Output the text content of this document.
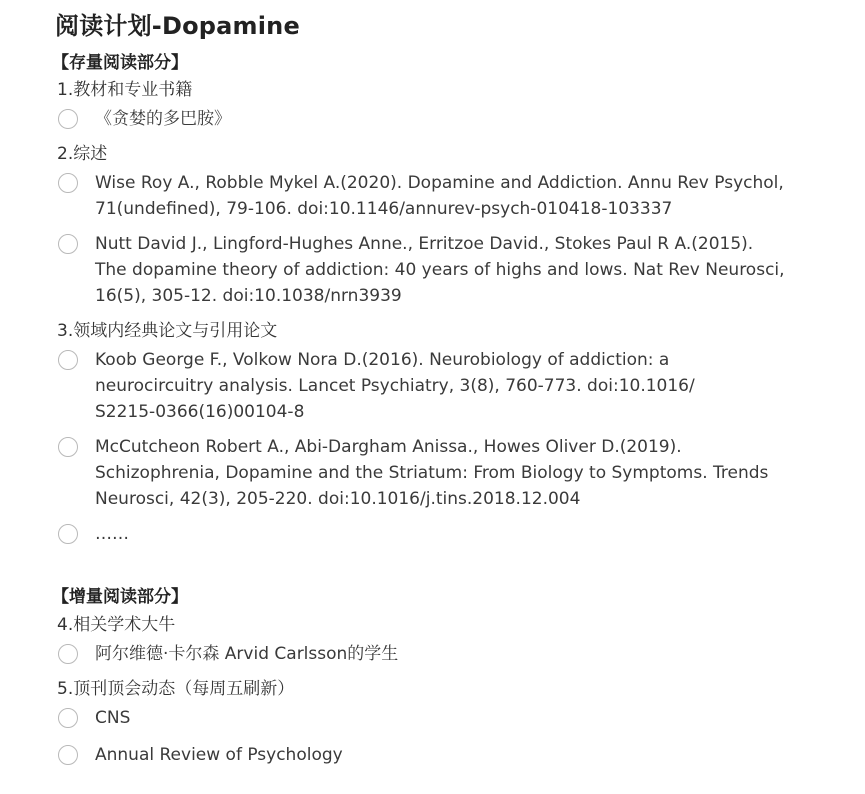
阅读计划-Dopamine
【存量阅读部分】
1.教材和专业书籍
《贪婪的多巴胺》
2.综述
Wise Roy A., Robble Mykel A.(2020). Dopamine and Addiction. Annu Rev Psychol,
71(undefined), 79-106. doi:10.1146/annurev-psych-010418-103337
Nutt David J., Lingford-Hughes Anne., Erritzoe David., Stokes Paul R A.(2015).
The dopamine theory of addiction: 40 years of highs and lows. Nat Rev Neurosci,
16(5), 305-12. doi:10.1038/nrn3939
3.领域内经典论文与引用论文
Koob George F., Volkow Nora D.(2016). Neurobiology of addiction: a
neurocircuitry analysis. Lancet Psychiatry, 3(8), 760-773. doi:10.1016/
S2215-0366(16)00104-8
McCutcheon Robert A., Abi-Dargham Anissa., Howes Oliver D.(2019).
Schizophrenia, Dopamine and the Striatum: From Biology to Symptoms. Trends
Neurosci, 42(3), 205-220. doi:10.1016/j.tins.2018.12.004
……
【增量阅读部分】
4.相关学术大牛
阿尔维德·卡尔森 Arvid Carlsson的学生
5.顶刊顶会动态（每周五刷新）
CNS
Annual Review of Psychology
